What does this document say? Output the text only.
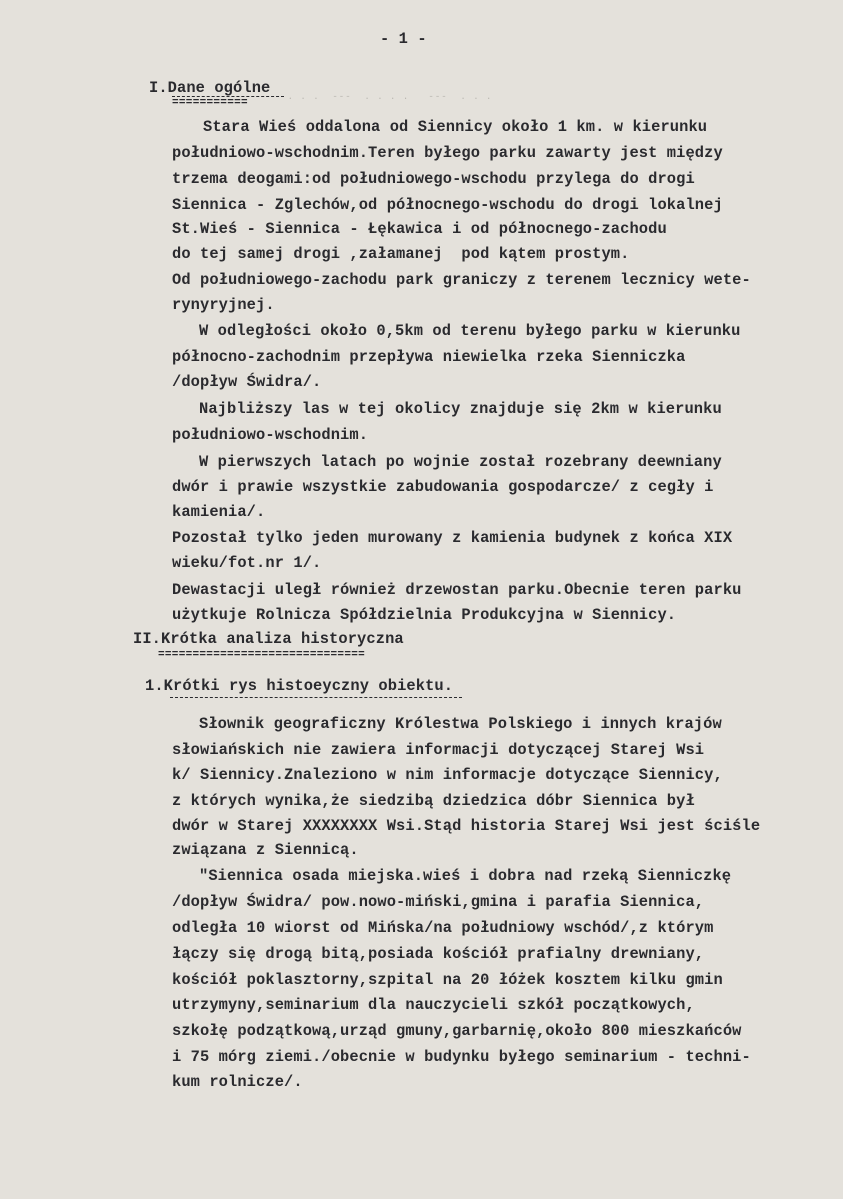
. . .  ---  . . . .   ---  . . .
- 1 -
I.Dane ogólne
===========
Stara Wieś oddalona od Siennicy około 1 km. w kierunku
południowo-wschodnim.Teren byłego parku zawarty jest między
trzema deogami:od południowego-wschodu przylega do drogi
Siennica - Zglechów,od północnego-wschodu do drogi lokalnej
St.Wieś - Siennica - Łękawica i od północnego-zachodu
do tej samej drogi ,załamanej  pod kątem prostym.
Od południowego-zachodu park graniczy z terenem lecznicy wete-
rynyryjnej.
W odległości około 0,5km od terenu byłego parku w kierunku
północno-zachodnim przepływa niewielka rzeka Sienniczka
/dopływ Świdra/.
Najbliższy las w tej okolicy znajduje się 2km w kierunku
południowo-wschodnim.
W pierwszych latach po wojnie został rozebrany deewniany
dwór i prawie wszystkie zabudowania gospodarcze/ z cegły i
kamienia/.
Pozostał tylko jeden murowany z kamienia budynek z końca XIX
wieku/fot.nr 1/.
Dewastacji uległ również drzewostan parku.Obecnie teren parku
użytkuje Rolnicza Spółdzielnia Produkcyjna w Siennicy.
II.Krótka analiza historyczna
==============================
1.Krótki rys histoeyczny obiektu.
Słownik geograficzny Królestwa Polskiego i innych krajów
słowiańskich nie zawiera informacji dotyczącej Starej Wsi
k/ Siennicy.Znaleziono w nim informacje dotyczące Siennicy,
z których wynika,że siedzibą dziedzica dóbr Siennica był
dwór w Starej XXXXXXXX Wsi.Stąd historia Starej Wsi jest ściśle
związana z Siennicą.
"Siennica osada miejska.wieś i dobra nad rzeką Sienniczkę
/dopływ Świdra/ pow.nowo-miński,gmina i parafia Siennica,
odległa 10 wiorst od Mińska/na południowy wschód/,z którym
łączy się drogą bitą,posiada kościół prafialny drewniany,
kościół poklasztorny,szpital na 20 łóżek kosztem kilku gmin
utrzymyny,seminarium dla nauczycieli szkół początkowych,
szkołę podzątkową,urząd gmuny,garbarnię,około 800 mieszkańców
i 75 mórg ziemi./obecnie w budynku byłego seminarium - techni-
kum rolnicze/.
